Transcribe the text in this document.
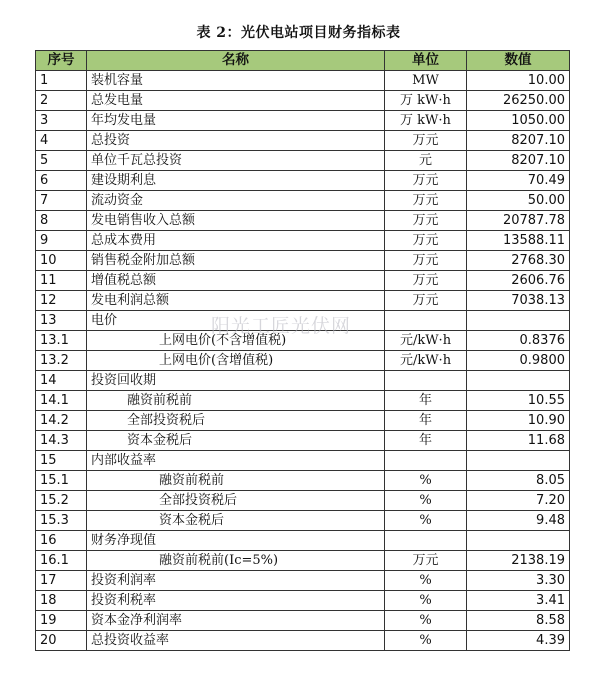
表 2：光伏电站项目财务指标表
序号	名称	单位	数值
1	装机容量	MW	10.00
2	总发电量	万 kW·h	26250.00
3	年均发电量	万 kW·h	1050.00
4	总投资	万元	8207.10
5	单位千瓦总投资	元	8207.10
6	建设期利息	万元	70.49
7	流动资金	万元	50.00
8	发电销售收入总额	万元	20787.78
9	总成本费用	万元	13588.11
10	销售税金附加总额	万元	2768.30
11	增值税总额	万元	2606.76
12	发电利润总额	万元	7038.13
13	电价		
13.1	上网电价(不含增值税)	元/kW·h	0.8376
13.2	上网电价(含增值税)	元/kW·h	0.9800
14	投资回收期		
14.1	融资前税前	年	10.55
14.2	全部投资税后	年	10.90
14.3	资本金税后	年	11.68
15	内部收益率		
15.1	融资前税前	%	8.05
15.2	全部投资税后	%	7.20
15.3	资本金税后	%	9.48
16	财务净现值		
16.1	融资前税前(Ic=5%)	万元	2138.19
17	投资利润率	%	3.30
18	投资利税率	%	3.41
19	资本金净利润率	%	8.58
20	总投资收益率	%	4.39
阳光工匠光伏网
